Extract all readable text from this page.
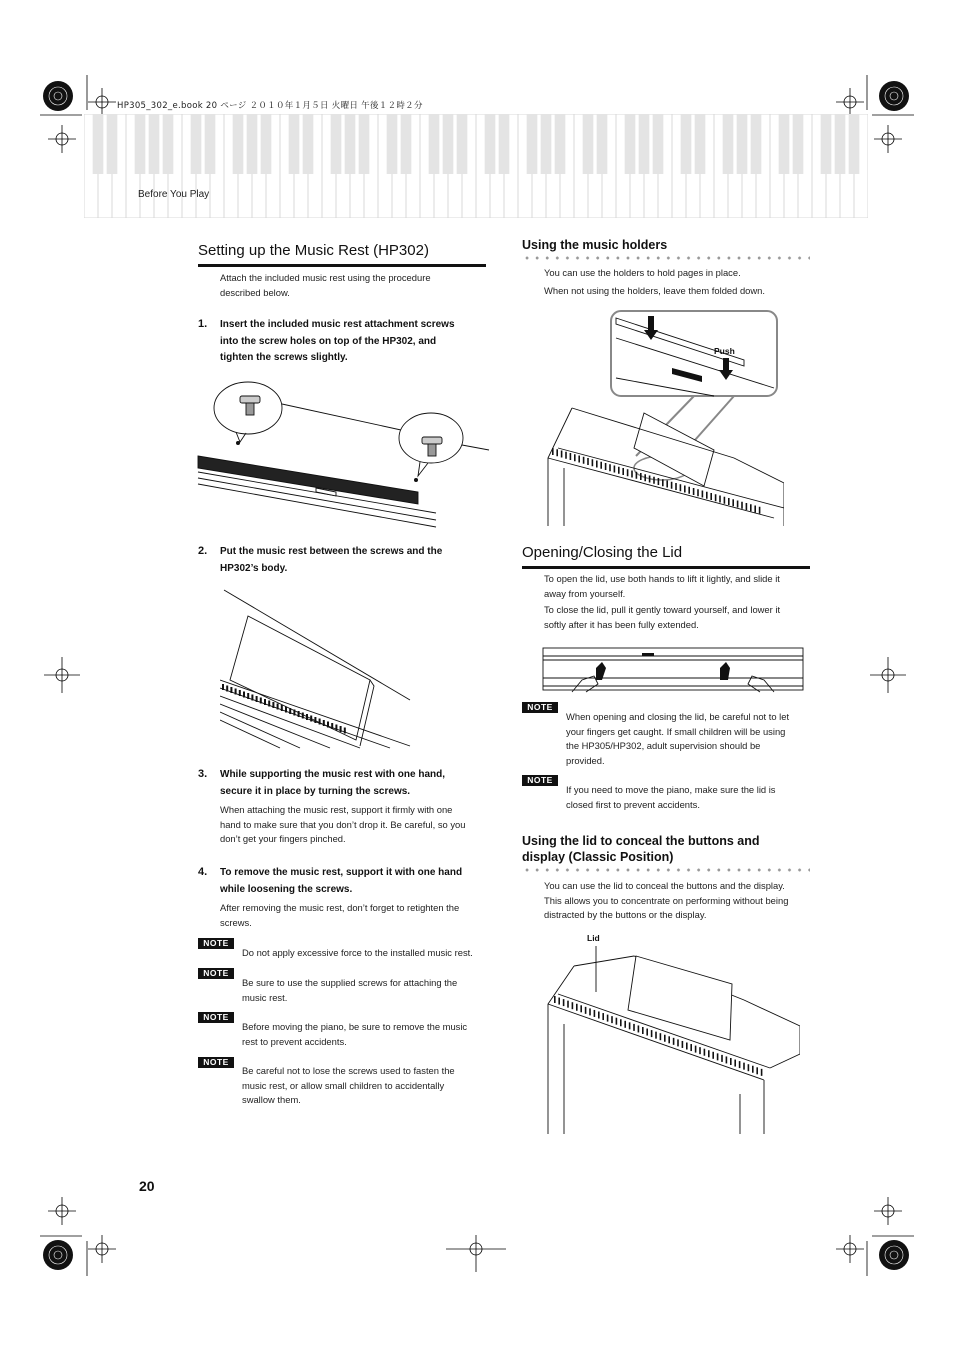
HP305_302_e.book 20 ページ ２０１０年１月５日 火曜日 午後１２時２分
Before You Play
Setting up the Music Rest (HP302)
Attach the included music rest using the procedure
described below.
1. Insert the included music rest attachment screws
into the screw holes on top of the HP302, and
tighten the screws slightly.
2. Put the music rest between the screws and the
HP302’s body.
3. While supporting the music rest with one hand,
secure it in place by turning the screws.
When attaching the music rest, support it firmly with one
hand to make sure that you don’t drop it. Be careful, so you
don’t get your fingers pinched.
4. To remove the music rest, support it with one hand
while loosening the screws.
After removing the music rest, don’t forget to retighten the
screws.
NOTE
Do not apply excessive force to the installed music rest.
NOTE
Be sure to use the supplied screws for attaching the
music rest.
NOTE
Before moving the piano, be sure to remove the music
rest to prevent accidents.
NOTE
Be careful not to lose the screws used to fasten the
music rest, or allow small children to accidentally
swallow them.
Using the music holders
You can use the holders to hold pages in place.
When not using the holders, leave them folded down.
Push
Opening/Closing the Lid
To open the lid, use both hands to lift it lightly, and slide it
away from yourself.
To close the lid, pull it gently toward yourself, and lower it
softly after it has been fully extended.
NOTE
When opening and closing the lid, be careful not to let
your fingers get caught. If small children will be using
the HP305/HP302, adult supervision should be
provided.
NOTE
If you need to move the piano, make sure the lid is
closed first to prevent accidents.
Using the lid to conceal the buttons and
display (Classic Position)
You can use the lid to conceal the buttons and the display.
This allows you to concentrate on performing without being
distracted by the buttons or the display.
Lid
20
